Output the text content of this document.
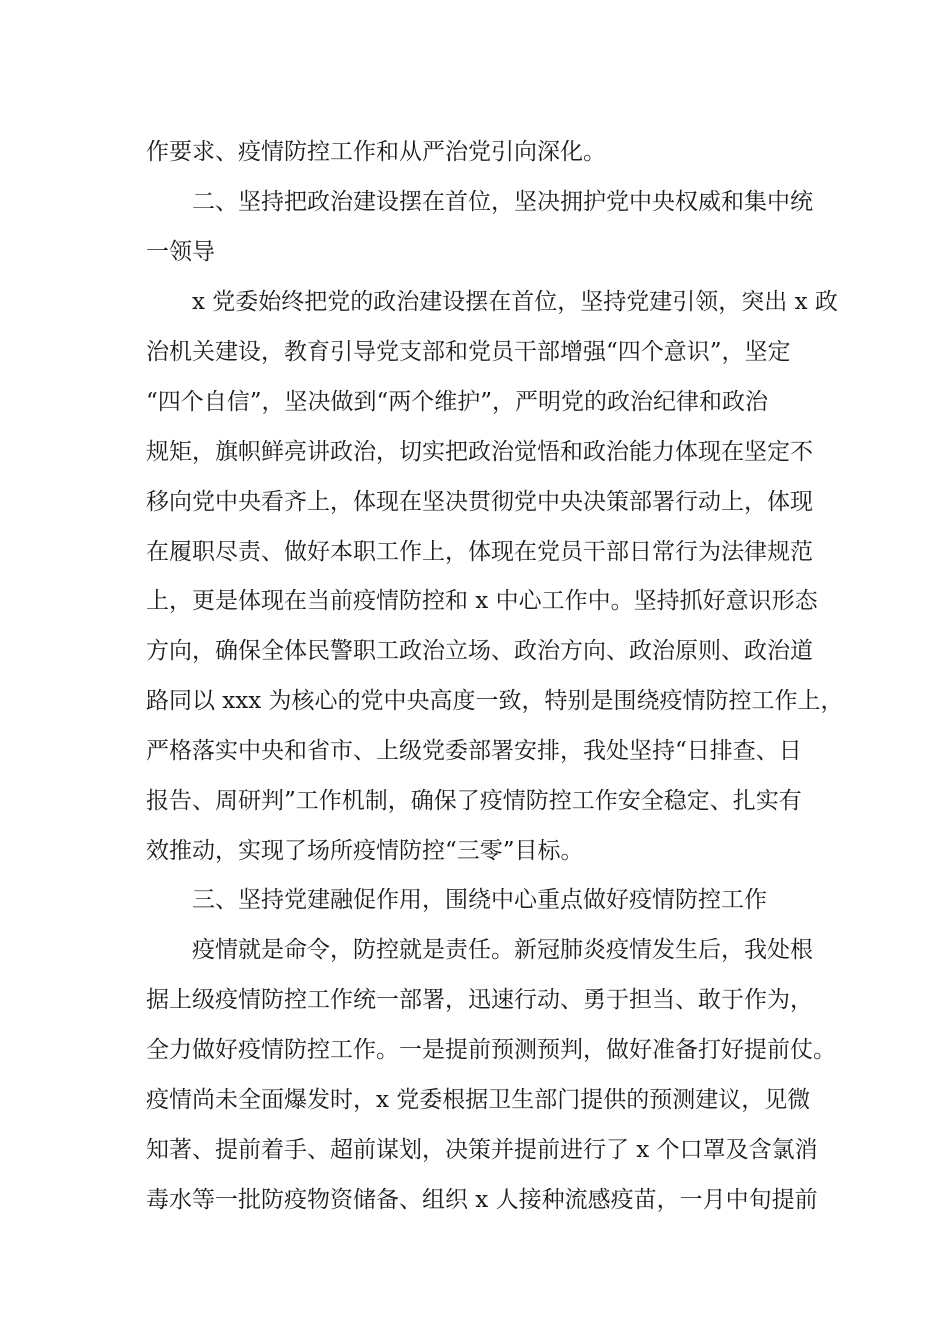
作要求、疫情防控工作和从严治党引向深化。

二、坚持把政治建设摆在首位，坚决拥护党中央权威和集中统

一领导

x 党委始终把党的政治建设摆在首位，坚持党建引领，突出 x 政

治机关建设，教育引导党支部和党员干部增强“四个意识”，坚定

“四个自信”，坚决做到“两个维护”，严明党的政治纪律和政治

规矩，旗帜鲜亮讲政治，切实把政治觉悟和政治能力体现在坚定不

移向党中央看齐上，体现在坚决贯彻党中央决策部署行动上，体现

在履职尽责、做好本职工作上，体现在党员干部日常行为法律规范

上，更是体现在当前疫情防控和 x 中心工作中。坚持抓好意识形态

方向，确保全体民警职工政治立场、政治方向、政治原则、政治道

路同以 xxx 为核心的党中央高度一致，特别是围绕疫情防控工作上，

严格落实中央和省市、上级党委部署安排，我处坚持“日排查、日

报告、周研判”工作机制，确保了疫情防控工作安全稳定、扎实有

效推动，实现了场所疫情防控“三零”目标。

三、坚持党建融促作用，围绕中心重点做好疫情防控工作

疫情就是命令，防控就是责任。新冠肺炎疫情发生后，我处根

据上级疫情防控工作统一部署，迅速行动、勇于担当、敢于作为，

全力做好疫情防控工作。一是提前预测预判，做好准备打好提前仗。

疫情尚未全面爆发时，x 党委根据卫生部门提供的预测建议，见微

知著、提前着手、超前谋划，决策并提前进行了 x 个口罩及含氯消

毒水等一批防疫物资储备、组织 x 人接种流感疫苗，一月中旬提前
